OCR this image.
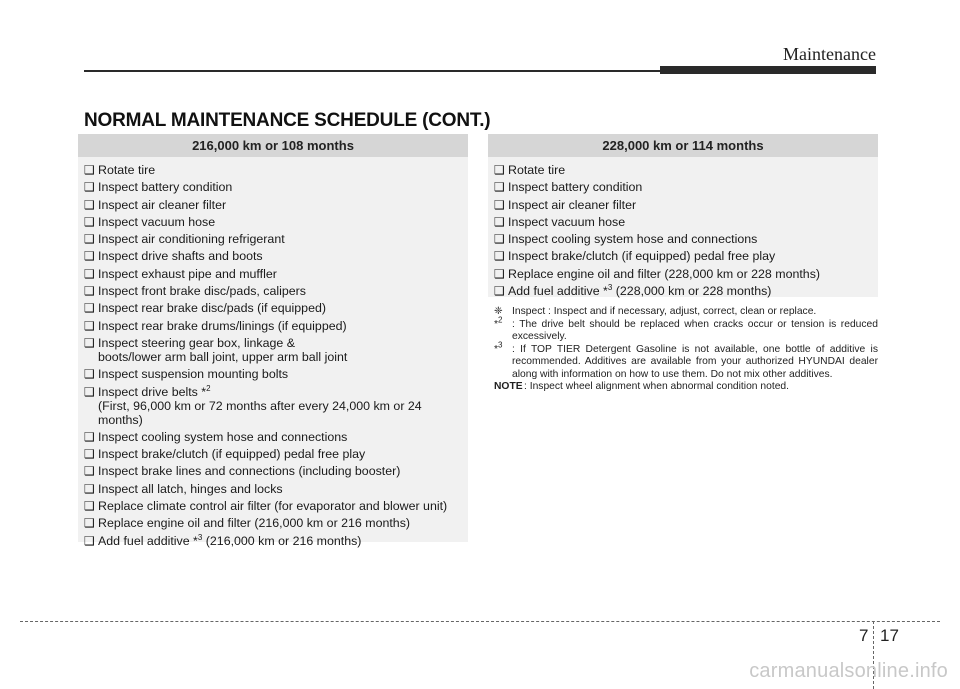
Maintenance
NORMAL MAINTENANCE SCHEDULE (CONT.)
216,000 km or 108 months
❑ Rotate tire
❑ Inspect battery condition
❑ Inspect air cleaner filter
❑ Inspect vacuum hose
❑ Inspect air conditioning refrigerant
❑ Inspect drive shafts and boots
❑ Inspect exhaust pipe and muffler
❑ Inspect front brake disc/pads, calipers
❑ Inspect rear brake disc/pads (if equipped)
❑ Inspect rear brake drums/linings (if equipped)
❑ Inspect steering gear box, linkage &
boots/lower arm ball joint, upper arm ball joint
❑ Inspect suspension mounting bolts
❑ Inspect drive belts *$^2$
(First, 96,000 km or 72 months after every 24,000 km or 24 months)
❑ Inspect cooling system hose and connections
❑ Inspect brake/clutch (if equipped) pedal free play
❑ Inspect brake lines and connections (including booster)
❑ Inspect all latch, hinges and locks
❑ Replace climate control air filter (for evaporator and blower unit)
❑ Replace engine oil and filter (216,000 km or 216 months)
❑ Add fuel additive *$^3$ (216,000 km or 216 months)
228,000 km or 114 months
❑ Rotate tire
❑ Inspect battery condition
❑ Inspect air cleaner filter
❑ Inspect vacuum hose
❑ Inspect cooling system hose and connections
❑ Inspect brake/clutch (if equipped) pedal free play
❑ Replace engine oil and filter (228,000 km or 228 months)
❑ Add fuel additive *$^3$ (228,000 km or 228 months)
❈ Inspect : Inspect and if necessary, adjust, correct, clean or replace.
*$^2$ : The drive belt should be replaced when cracks occur or tension is reduced excessively.
*$^3$ : If TOP TIER Detergent Gasoline is not available, one bottle of additive is recommended. Additives are available from your authorized HYUNDAI dealer along with information on how to use them. Do not mix other additives.
NOTE : Inspect wheel alignment when abnormal condition noted.
7 17
carmanualsonline.info
